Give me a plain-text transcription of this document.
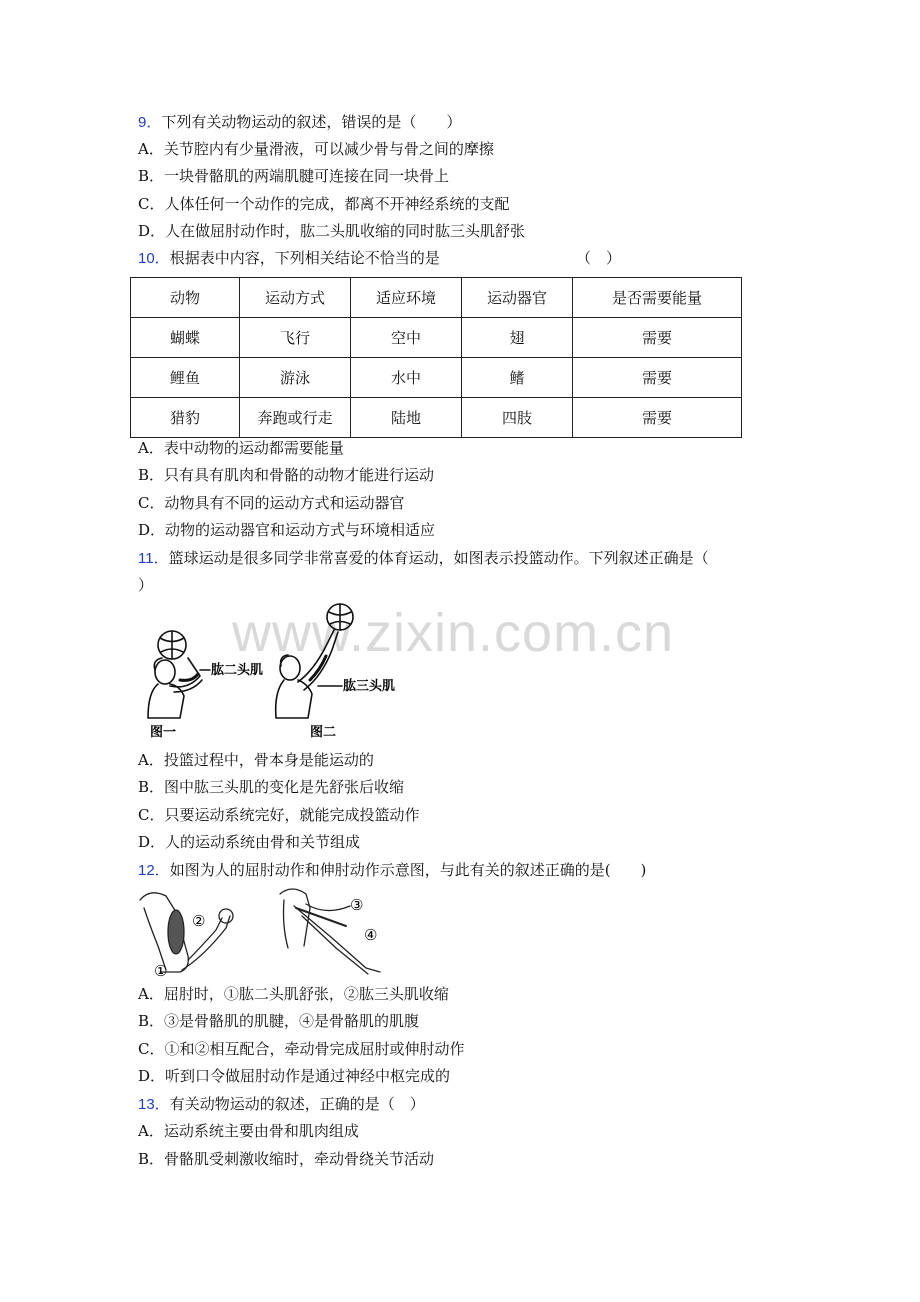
9．下列有关动物运动的叙述，错误的是（　　）
A．关节腔内有少量滑液，可以减少骨与骨之间的摩擦
B．一块骨骼肌的两端肌腱可连接在同一块骨上
C．人体任何一个动作的完成，都离不开神经系统的支配
D．人在做屈肘动作时，肱二头肌收缩的同时肱三头肌舒张
10．根据表中内容，下列相关结论不恰当的是	（　）
动物	运动方式	适应环境	运动器官	是否需要能量
蝴蝶	飞行	空中	翅	需要
鲤鱼	游泳	水中	鳍	需要
猎豹	奔跑或行走	陆地	四肢	需要
A．表中动物的运动都需要能量
B．只有具有肌肉和骨骼的动物才能进行运动
C．动物具有不同的运动方式和运动器官
D．动物的运动器官和运动方式与环境相适应
11．篮球运动是很多同学非常喜爱的体育运动，如图表示投篮动作。下列叙述正确是（
）
www.zixin.com.cn
肱二头肌
肱三头肌
图一	图二
A．投篮过程中，骨本身是能运动的
B．图中肱三头肌的变化是先舒张后收缩
C．只要运动系统完好，就能完成投篮动作
D．人的运动系统由骨和关节组成
12．如图为人的屈肘动作和伸肘动作示意图，与此有关的叙述正确的是(　　)
①
②
③
④
A．屈肘时，①肱二头肌舒张，②肱三头肌收缩
B．③是骨骼肌的肌腱，④是骨骼肌的肌腹
C．①和②相互配合，牵动骨完成屈肘或伸肘动作
D．听到口令做屈肘动作是通过神经中枢完成的
13．有关动物运动的叙述，正确的是（　）
A．运动系统主要由骨和肌肉组成
B．骨骼肌受刺激收缩时，牵动骨绕关节活动
